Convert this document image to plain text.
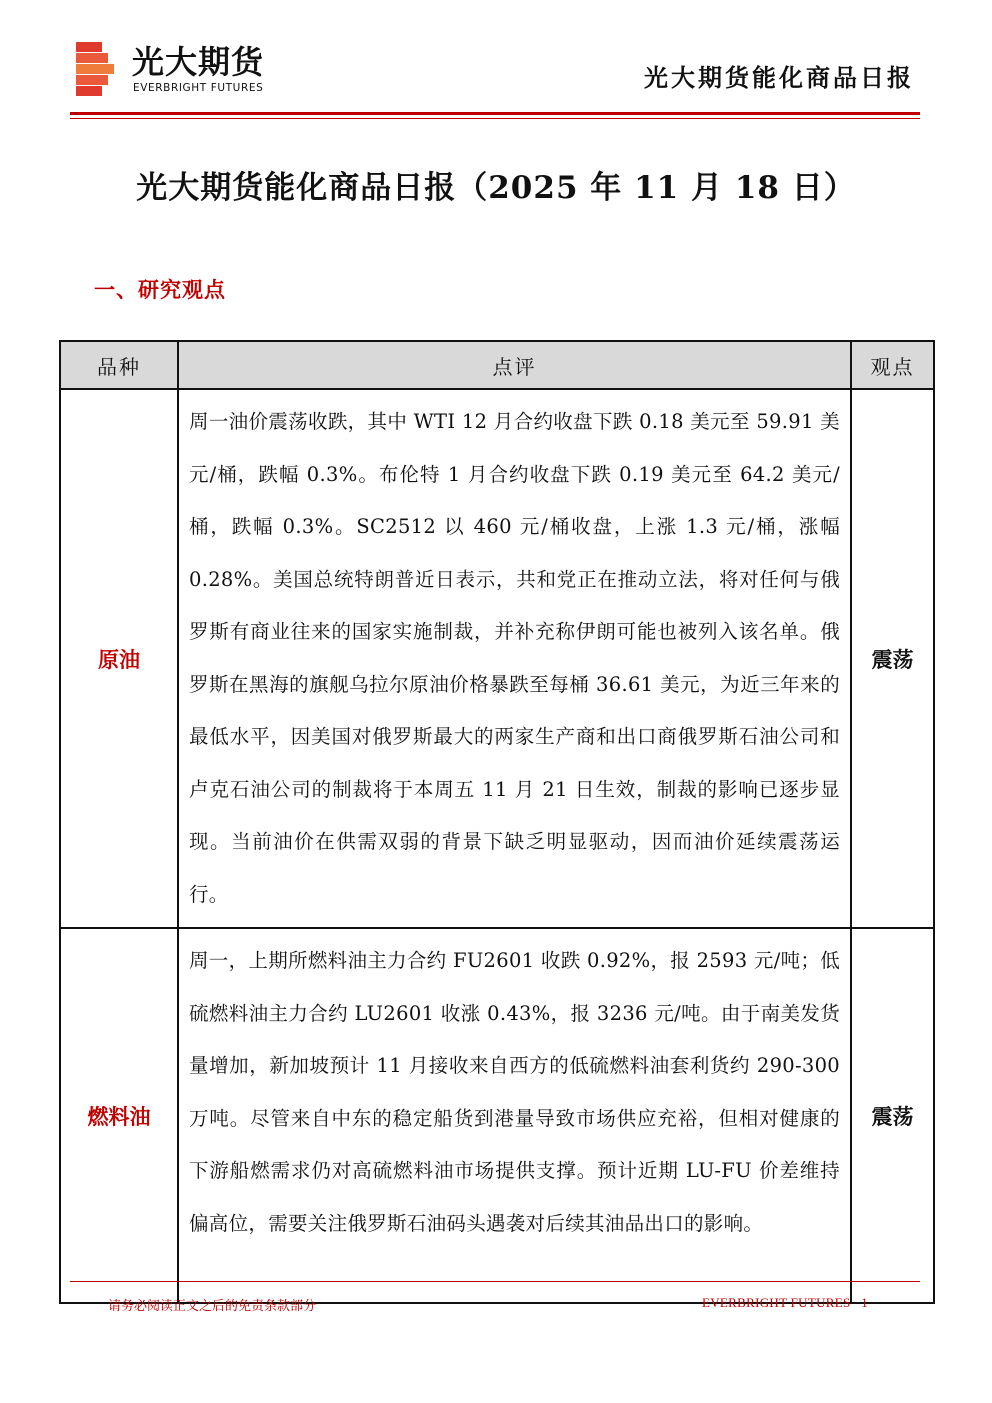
光大期货
EVERBRIGHT FUTURES	光大期货能化商品日报
光大期货能化商品日报（2025 年 11 月 18 日）
一、研究观点
品种	点评	观点
原油	周一油价震荡收跌，其中 WTI 12 月合约收盘下跌 0.18 美元至 59.91 美元/桶，跌幅 0.3%。布伦特 1 月合约收盘下跌 0.19 美元至 64.2 美元/桶，跌幅 0.3%。SC2512 以 460 元/桶收盘，上涨 1.3 元/桶，涨幅 0.28%。美国总统特朗普近日表示，共和党正在推动立法，将对任何与俄罗斯有商业往来的国家实施制裁，并补充称伊朗可能也被列入该名单。俄罗斯在黑海的旗舰乌拉尔原油价格暴跌至每桶 36.61 美元，为近三年来的最低水平，因美国对俄罗斯最大的两家生产商和出口商俄罗斯石油公司和卢克石油公司的制裁将于本周五 11 月 21 日生效，制裁的影响已逐步显现。当前油价在供需双弱的背景下缺乏明显驱动，因而油价延续震荡运行。	震荡
燃料油	周一，上期所燃料油主力合约 FU2601 收跌 0.92%，报 2593 元/吨；低硫燃料油主力合约 LU2601 收涨 0.43%，报 3236 元/吨。由于南美发货量增加，新加坡预计 11 月接收来自西方的低硫燃料油套利货约 290-300 万吨。尽管来自中东的稳定船货到港量导致市场供应充裕，但相对健康的下游船燃需求仍对高硫燃料油市场提供支撑。预计近期 LU-FU 价差维持偏高位，需要关注俄罗斯石油码头遇袭对后续其油品出口的影响。	震荡
请务必阅读正文之后的免责条款部分	EVERBRIGHT FUTURES 1
